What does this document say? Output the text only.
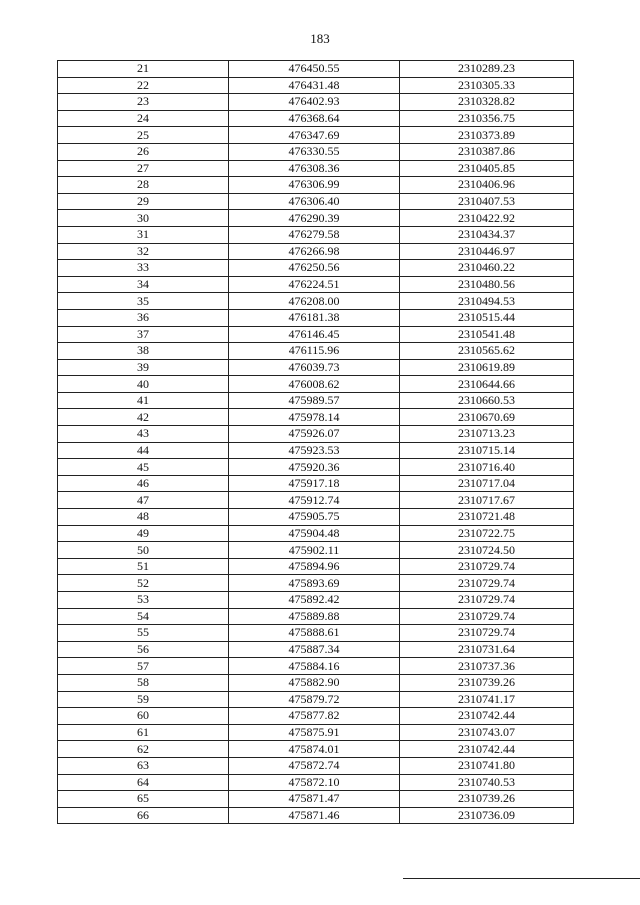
183
21	476450.55	2310289.23
22	476431.48	2310305.33
23	476402.93	2310328.82
24	476368.64	2310356.75
25	476347.69	2310373.89
26	476330.55	2310387.86
27	476308.36	2310405.85
28	476306.99	2310406.96
29	476306.40	2310407.53
30	476290.39	2310422.92
31	476279.58	2310434.37
32	476266.98	2310446.97
33	476250.56	2310460.22
34	476224.51	2310480.56
35	476208.00	2310494.53
36	476181.38	2310515.44
37	476146.45	2310541.48
38	476115.96	2310565.62
39	476039.73	2310619.89
40	476008.62	2310644.66
41	475989.57	2310660.53
42	475978.14	2310670.69
43	475926.07	2310713.23
44	475923.53	2310715.14
45	475920.36	2310716.40
46	475917.18	2310717.04
47	475912.74	2310717.67
48	475905.75	2310721.48
49	475904.48	2310722.75
50	475902.11	2310724.50
51	475894.96	2310729.74
52	475893.69	2310729.74
53	475892.42	2310729.74
54	475889.88	2310729.74
55	475888.61	2310729.74
56	475887.34	2310731.64
57	475884.16	2310737.36
58	475882.90	2310739.26
59	475879.72	2310741.17
60	475877.82	2310742.44
61	475875.91	2310743.07
62	475874.01	2310742.44
63	475872.74	2310741.80
64	475872.10	2310740.53
65	475871.47	2310739.26
66	475871.46	2310736.09
